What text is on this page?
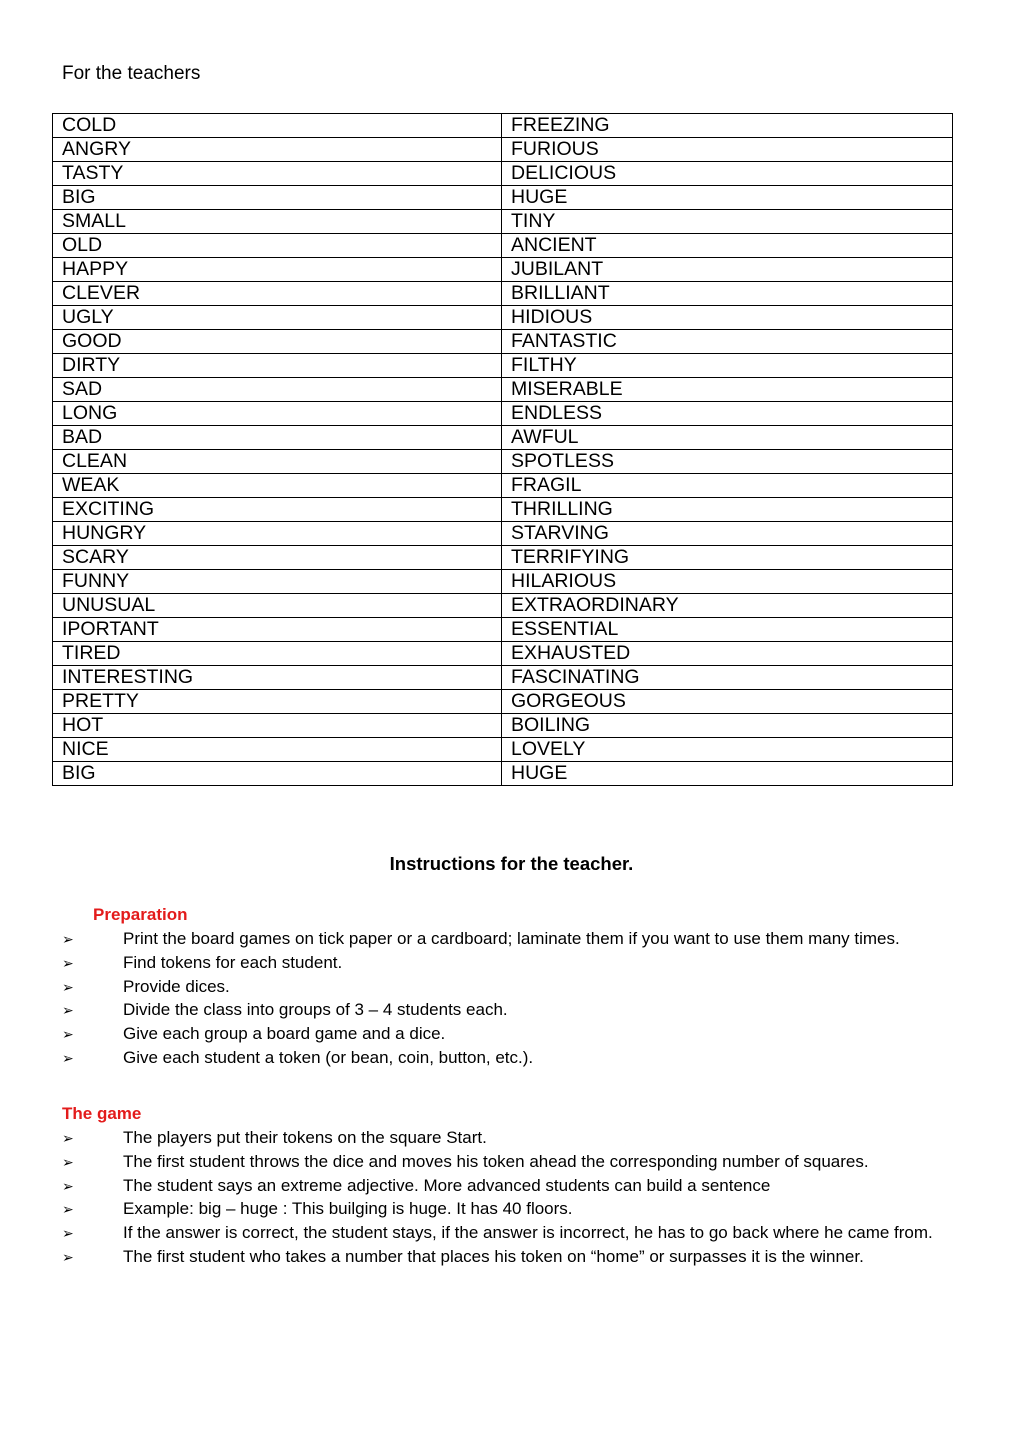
For the teachers
COLD	FREEZING
ANGRY	FURIOUS
TASTY	DELICIOUS
BIG	HUGE
SMALL	TINY
OLD	ANCIENT
HAPPY	JUBILANT
CLEVER	BRILLIANT
UGLY	HIDIOUS
GOOD	FANTASTIC
DIRTY	FILTHY
SAD	MISERABLE
LONG	ENDLESS
BAD	AWFUL
CLEAN	SPOTLESS
WEAK	FRAGIL
EXCITING	THRILLING
HUNGRY	STARVING
SCARY	TERRIFYING
FUNNY	HILARIOUS
UNUSUAL	EXTRAORDINARY
IPORTANT	ESSENTIAL
TIRED	EXHAUSTED
INTERESTING	FASCINATING
PRETTY	GORGEOUS
HOT	BOILING
NICE	LOVELY
BIG	HUGE
Instructions for the teacher.
Preparation
➢	Print the board games on tick paper or a cardboard; laminate them if you want to use them many times.
➢	Find tokens for each student.
➢	Provide dices.
➢	Divide the class into groups of 3 – 4 students each.
➢	Give each group a board game and a dice.
➢	Give each student a token (or bean, coin, button, etc.).
The game
➢	The players put their tokens on the square Start.
➢	The first student throws the dice and moves his token ahead the corresponding number of squares.
➢	The student says an extreme adjective. More advanced students can build a sentence
➢	Example: big – huge : This builging is huge. It has 40 floors.
➢	If the answer is correct, the student stays, if the answer is incorrect, he has to go back where he came from.
➢	The first student who takes a number that places his token on “home” or surpasses it is the winner.
